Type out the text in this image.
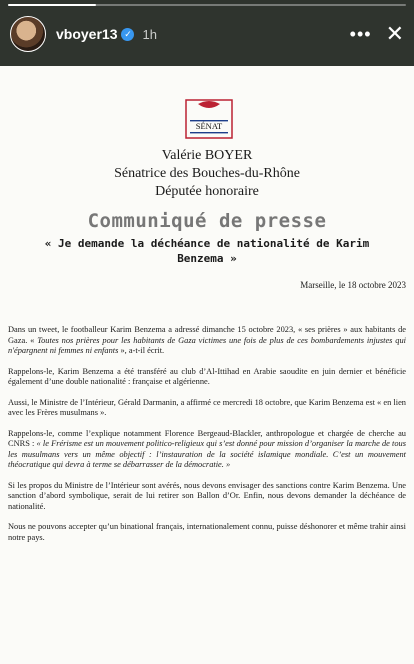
vboyer13 ✓ 1h	••• ✕
SÉNAT
Valérie BOYER
Sénatrice des Bouches-du-Rhône
Députée honoraire
Communiqué de presse
« Je demande la déchéance de nationalité de Karim Benzema »
Marseille, le 18 octobre 2023

Dans un tweet, le footballeur Karim Benzema a adressé dimanche 15 octobre 2023, « ses prières » aux habitants de Gaza. « Toutes nos prières pour les habitants de Gaza victimes une fois de plus de ces bombardements injustes qui n'épargnent ni femmes ni enfants », a-t-il écrit.

Rappelons-le, Karim Benzema a été transféré au club d’Al-Ittihad en Arabie saoudite en juin dernier et bénéficie également d’une double nationalité : française et algérienne.

Aussi, le Ministre de l’Intérieur, Gérald Darmanin, a affirmé ce mercredi 18 octobre, que Karim Benzema est « en lien avec les Frères musulmans ».

Rappelons-le, comme l’explique notamment Florence Bergeaud-Blackler, anthropologue et chargée de cherche au CNRS : « le Frérisme est un mouvement politico-religieux qui s’est donné pour mission d’organiser la marche de tous les musulmans vers un même objectif : l’instauration de la société islamique mondiale. C’est un mouvement théocratique qui devra à terme se débarrasser de la démocratie. »

Si les propos du Ministre de l’Intérieur sont avérés, nous devons envisager des sanctions contre Karim Benzema. Une sanction d’abord symbolique, serait de lui retirer son Ballon d’Or. Enfin, nous devons demander la déchéance de nationalité.

Nous ne pouvons accepter qu’un binational français, internationalement connu, puisse déshonorer et même trahir ainsi notre pays.
